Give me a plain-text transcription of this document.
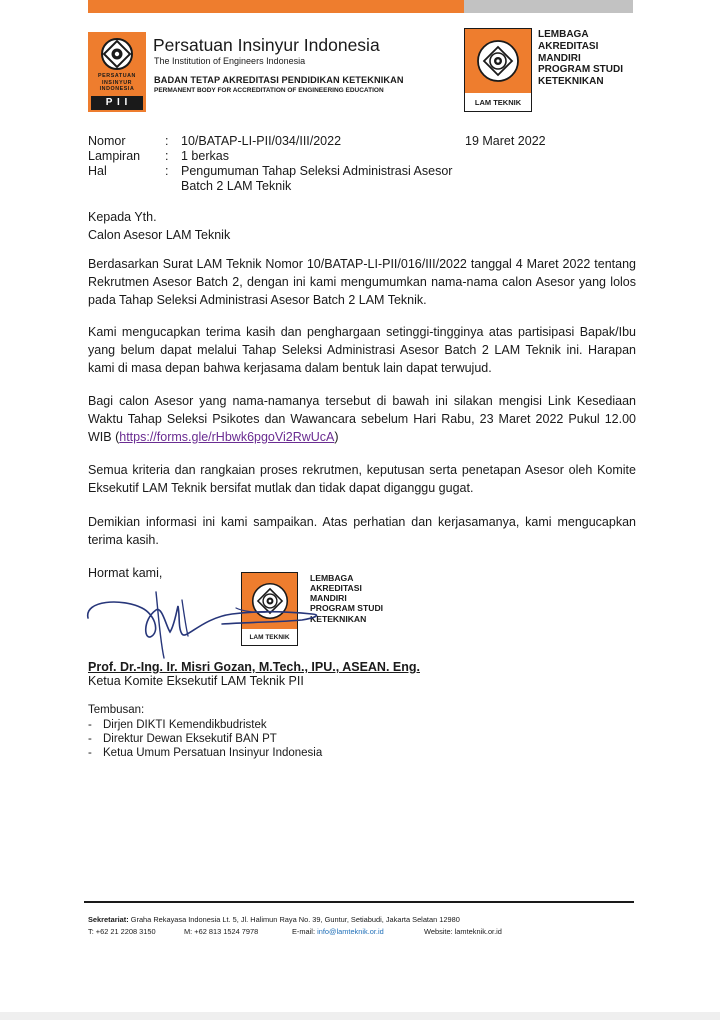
PERSATUAN INSINYUR INDONESIA
P I I
Persatuan Insinyur Indonesia
The Institution of Engineers Indonesia
BADAN TETAP AKREDITASI PENDIDIKAN KETEKNIKAN
PERMANENT BODY FOR ACCREDITATION OF ENGINEERING EDUCATION
LAM TEKNIK
LEMBAGA
AKREDITASI
MANDIRI
PROGRAM STUDI
KETEKNIKAN
Nomor	: 10/BATAP-LI-PII/034/III/2022	19 Maret 2022
Lampiran : 1 berkas
Hal	: Pengumuman Tahap Seleksi Administrasi Asesor
Batch 2 LAM Teknik
Kepada Yth.
Calon Asesor LAM Teknik

Berdasarkan Surat LAM Teknik Nomor 10/BATAP-LI-PII/016/III/2022 tanggal 4 Maret 2022 tentang Rekrutmen Asesor Batch 2, dengan ini kami mengumumkan nama-nama calon Asesor yang lolos pada Tahap Seleksi Administrasi Asesor Batch 2 LAM Teknik.

Kami mengucapkan terima kasih dan penghargaan setinggi-tingginya atas partisipasi Bapak/Ibu yang belum dapat melalui Tahap Seleksi Administrasi Asesor Batch 2 LAM Teknik ini. Harapan kami di masa depan bahwa kerjasama dalam bentuk lain dapat terwujud.

Bagi calon Asesor yang nama-namanya tersebut di bawah ini silakan mengisi Link Kesediaan Waktu Tahap Seleksi Psikotes dan Wawancara sebelum Hari Rabu, 23 Maret 2022 Pukul 12.00 WIB (https://forms.gle/rHbwk6pgoVi2RwUcA)

Semua kriteria dan rangkaian proses rekrutmen, keputusan serta penetapan Asesor oleh Komite Eksekutif LAM Teknik bersifat mutlak dan tidak dapat diganggu gugat.

Demikian informasi ini kami sampaikan. Atas perhatian dan kerjasamanya, kami mengucapkan terima kasih.

Hormat kami,
LAM TEKNIK
LEMBAGA
AKREDITASI
MANDIRI
PROGRAM STUDI
KETEKNIKAN
Prof. Dr.-Ing. Ir. Misri Gozan, M.Tech., IPU., ASEAN. Eng.
Ketua Komite Eksekutif LAM Teknik PII
Tembusan:
- Dirjen DIKTI Kemendikbudristek
- Direktur Dewan Eksekutif BAN PT
- Ketua Umum Persatuan Insinyur Indonesia
Sekretariat: Graha Rekayasa Indonesia Lt. 5, Jl. Halimun Raya No. 39, Guntur, Setiabudi, Jakarta Selatan 12980
T: +62 21 2208 3150	M: +62 813 1524 7978	E-mail: info@lamteknik.or.id	Website: lamteknik.or.id
